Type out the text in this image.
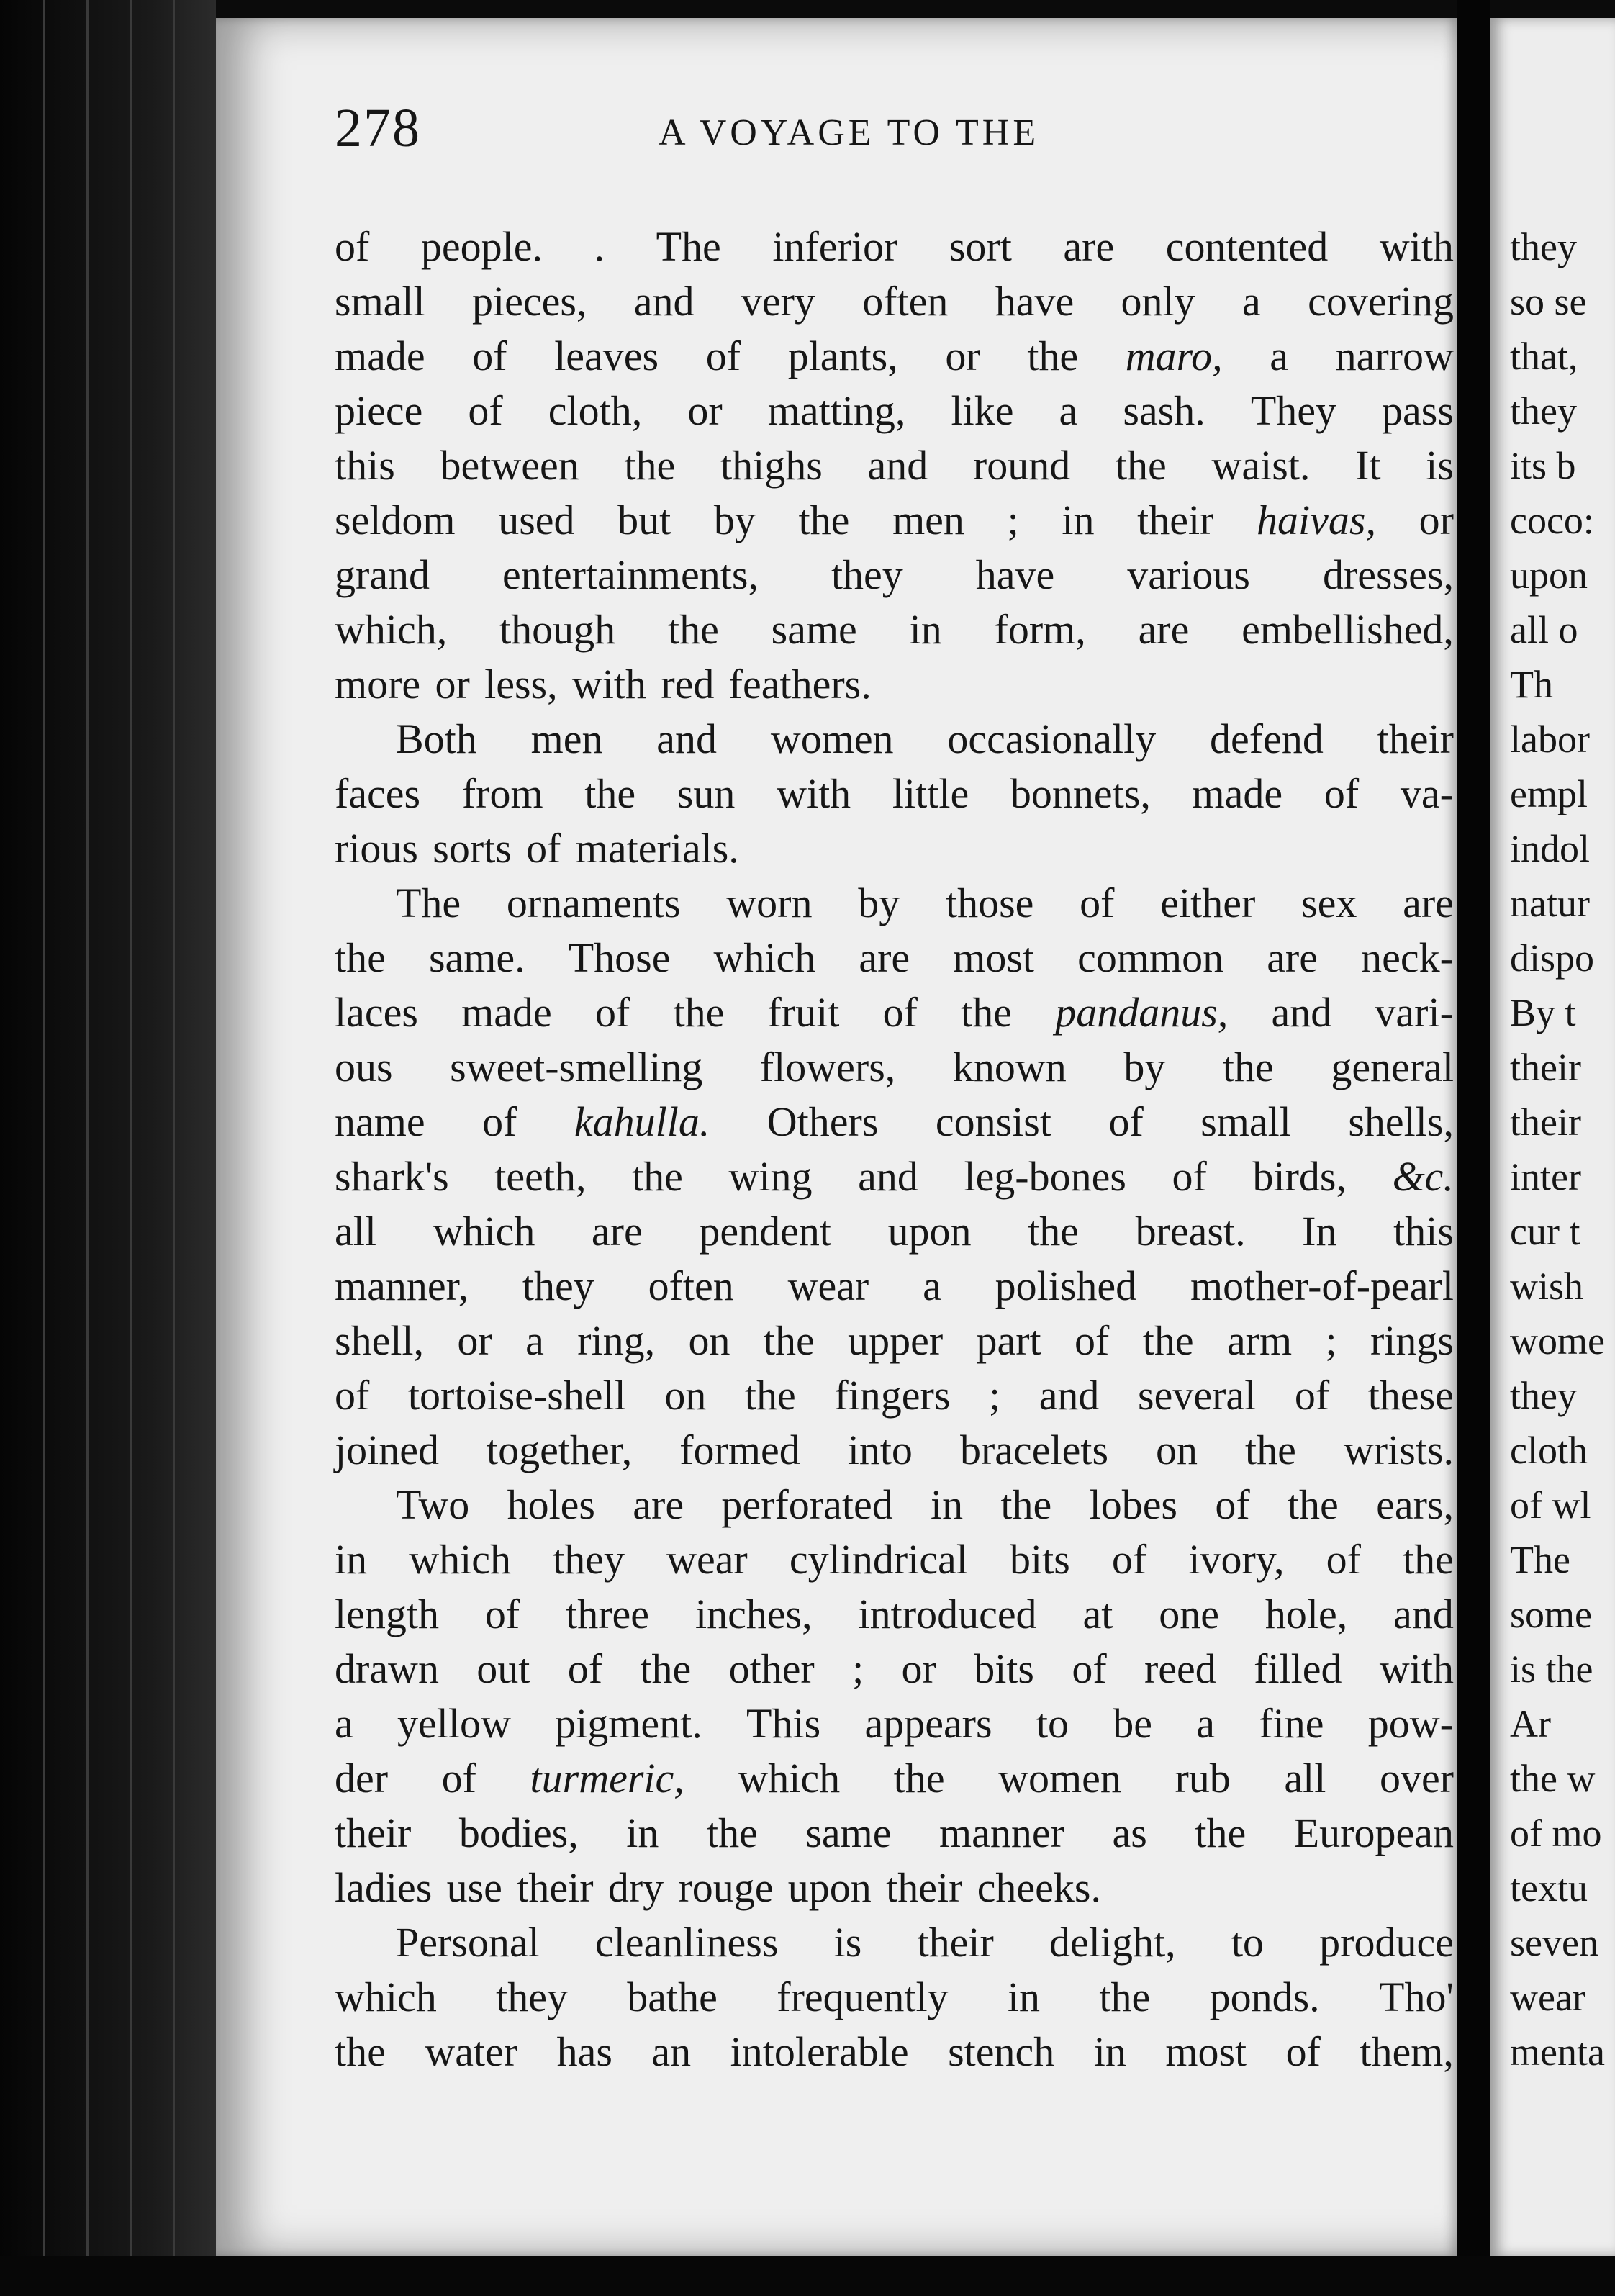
278	A VOYAGE TO THE
of people. . The inferior sort are contented with
small pieces, and very often have only a covering
made of leaves of plants, or the maro, a narrow
piece of cloth, or matting, like a sash. They pass
this between the thighs and round the waist. It is
seldom used but by the men ; in their haivas, or
grand entertainments, they have various dresses,
which, though the same in form, are embellished,
more or less, with red feathers.
Both men and women occasionally defend their
faces from the sun with little bonnets, made of va-
rious sorts of materials.
The ornaments worn by those of either sex are
the same. Those which are most common are neck-
laces made of the fruit of the pandanus, and vari-
ous sweet-smelling flowers, known by the general
name of kahulla. Others consist of small shells,
shark's teeth, the wing and leg-bones of birds, &c.
all which are pendent upon the breast. In this
manner, they often wear a polished mother-of-pearl
shell, or a ring, on the upper part of the arm ; rings
of tortoise-shell on the fingers ; and several of these
joined together, formed into bracelets on the wrists.
Two holes are perforated in the lobes of the ears,
in which they wear cylindrical bits of ivory, of the
length of three inches, introduced at one hole, and
drawn out of the other ; or bits of reed filled with
a yellow pigment. This appears to be a fine pow-
der of turmeric, which the women rub all over
their bodies, in the same manner as the European
ladies use their dry rouge upon their cheeks.
Personal cleanliness is their delight, to produce
which they bathe frequently in the ponds. Tho'
the water has an intolerable stench in most of them,
they
so se
that,
they
its b
coco:
upon
all o
Th
labor
empl
indol
natur
dispo
By t
their
their
inter
cur t
wish
wome
they
cloth
of wl
The
some
is the
Ar
the w
of mo
textu
seven
wear
menta
